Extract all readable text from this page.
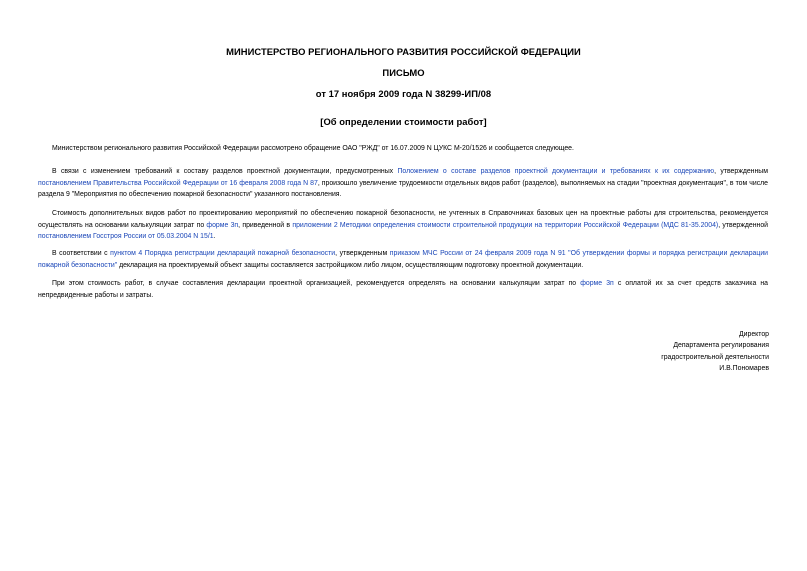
МИНИСТЕРСТВО РЕГИОНАЛЬНОГО РАЗВИТИЯ РОССИЙСКОЙ ФЕДЕРАЦИИ
ПИСЬМО
от 17 ноября 2009 года N 38299-ИП/08
[Об определении стоимости работ]
Министерством регионального развития Российской Федерации рассмотрено обращение ОАО "РЖД" от 16.07.2009 N ЦУКС М-20/1526 и сообщается следующее.
В связи с изменением требований к составу разделов проектной документации, предусмотренных Положением о составе разделов проектной документации и требованиях к их содержанию, утвержденным постановлением Правительства Российской Федерации от 16 февраля 2008 года N 87, произошло увеличение трудоемкости отдельных видов работ (разделов), выполняемых на стадии "проектная документация", в том числе раздела 9 "Мероприятия по обеспечению пожарной безопасности" указанного постановления.
Стоимость дополнительных видов работ по проектированию мероприятий по обеспечению пожарной безопасности, не учтенных в Справочниках базовых цен на проектные работы для строительства, рекомендуется осуществлять на основании калькуляции затрат по форме 3п, приведенной в приложении 2 Методики определения стоимости строительной продукции на территории Российской Федерации (МДС 81-35.2004), утвержденной постановлением Госстроя России от 05.03.2004 N 15/1.
В соответствии с пунктом 4 Порядка регистрации деклараций пожарной безопасности, утвержденным приказом МЧС России от 24 февраля 2009 года N 91 "Об утверждении формы и порядка регистрации декларации пожарной безопасности" декларация на проектируемый объект защиты составляется застройщиком либо лицом, осуществляющим подготовку проектной документации.
При этом стоимость работ, в случае составления декларации проектной организацией, рекомендуется определять на основании калькуляции затрат по форме 3п с оплатой их за счет средств заказчика на непредвиденные работы и затраты.
Директор
Департамента регулирования
градостроительной деятельности
И.В.Пономарев
